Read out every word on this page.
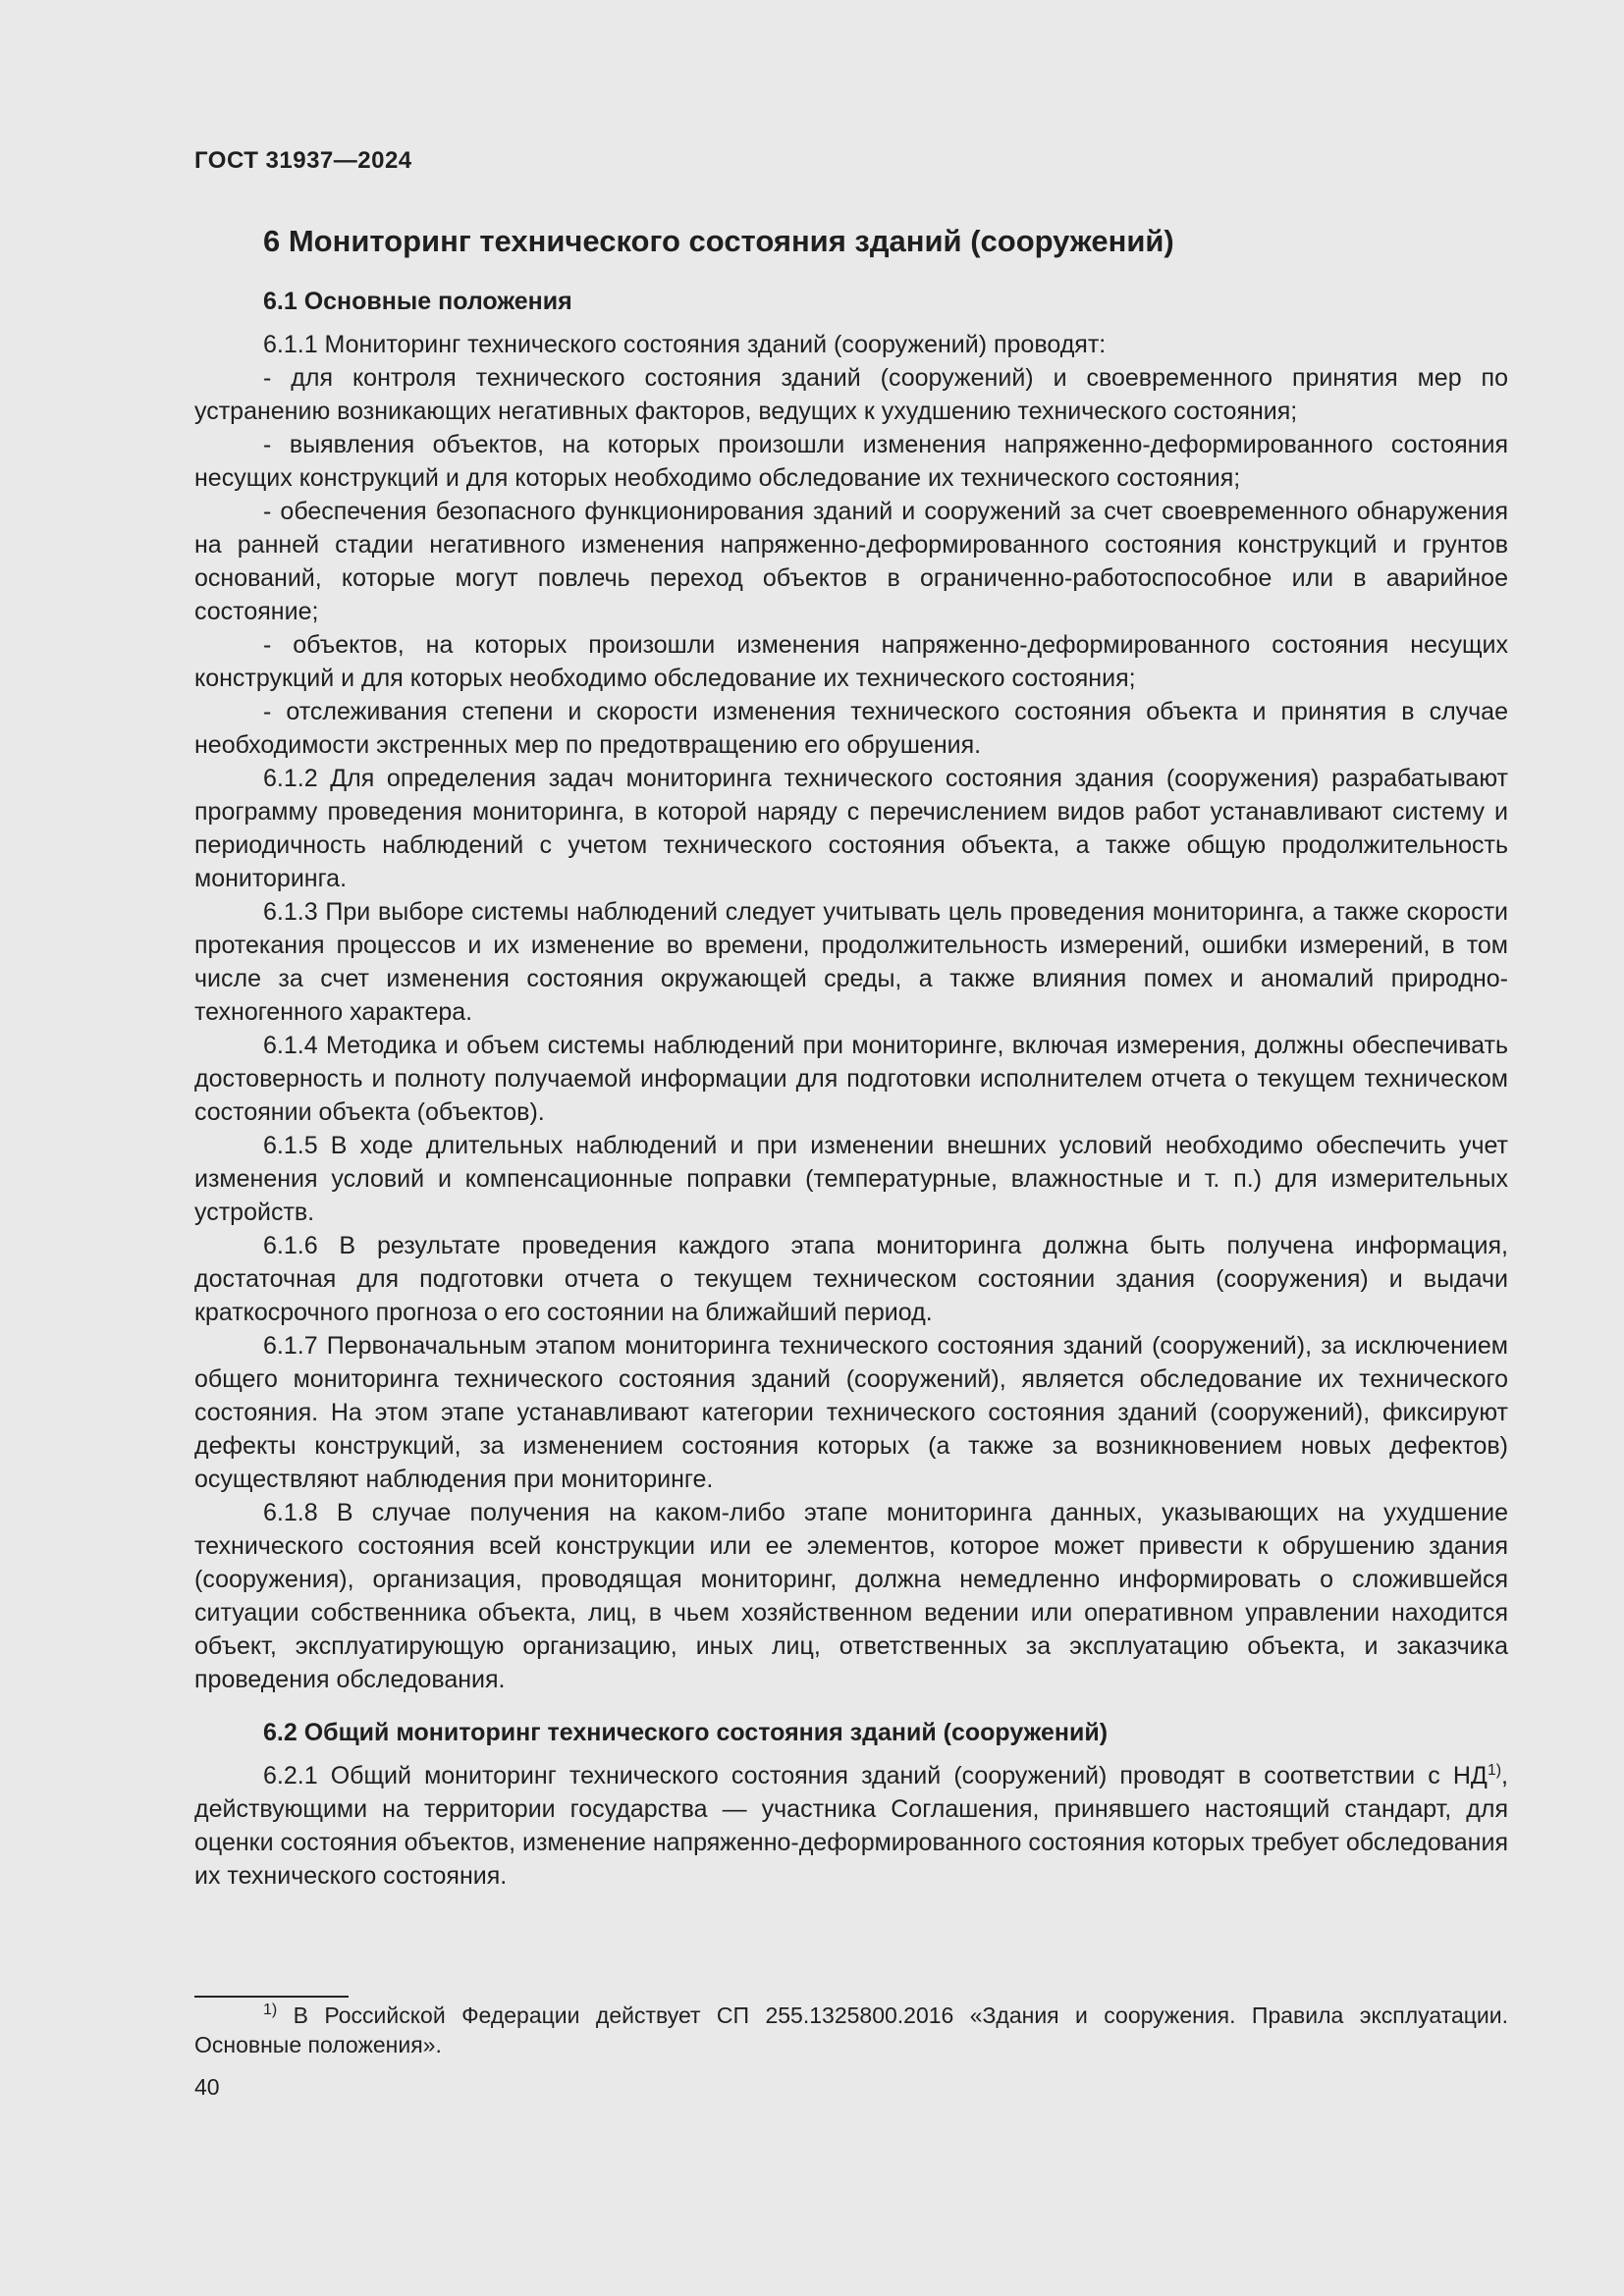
ГОСТ 31937—2024
6 Мониторинг технического состояния зданий (сооружений)
6.1 Основные положения

6.1.1 Мониторинг технического состояния зданий (сооружений) проводят:

- для контроля технического состояния зданий (сооружений) и своевременного принятия мер по устранению возникающих негативных факторов, ведущих к ухудшению технического состояния;

- выявления объектов, на которых произошли изменения напряженно-деформированного состояния несущих конструкций и для которых необходимо обследование их технического состояния;

- обеспечения безопасного функционирования зданий и сооружений за счет своевременного обнаружения на ранней стадии негативного изменения напряженно-деформированного состояния конструкций и грунтов оснований, которые могут повлечь переход объектов в ограниченно-работоспособное или в аварийное состояние;

- объектов, на которых произошли изменения напряженно-деформированного состояния несущих конструкций и для которых необходимо обследование их технического состояния;

- отслеживания степени и скорости изменения технического состояния объекта и принятия в случае необходимости экстренных мер по предотвращению его обрушения.

6.1.2 Для определения задач мониторинга технического состояния здания (сооружения) разрабатывают программу проведения мониторинга, в которой наряду с перечислением видов работ устанавливают систему и периодичность наблюдений с учетом технического состояния объекта, а также общую продолжительность мониторинга.

6.1.3 При выборе системы наблюдений следует учитывать цель проведения мониторинга, а также скорости протекания процессов и их изменение во времени, продолжительность измерений, ошибки измерений, в том числе за счет изменения состояния окружающей среды, а также влияния помех и аномалий природно-техногенного характера.

6.1.4 Методика и объем системы наблюдений при мониторинге, включая измерения, должны обеспечивать достоверность и полноту получаемой информации для подготовки исполнителем отчета о текущем техническом состоянии объекта (объектов).

6.1.5 В ходе длительных наблюдений и при изменении внешних условий необходимо обеспечить учет изменения условий и компенсационные поправки (температурные, влажностные и т. п.) для измерительных устройств.

6.1.6 В результате проведения каждого этапа мониторинга должна быть получена информация, достаточная для подготовки отчета о текущем техническом состоянии здания (сооружения) и выдачи краткосрочного прогноза о его состоянии на ближайший период.

6.1.7 Первоначальным этапом мониторинга технического состояния зданий (сооружений), за исключением общего мониторинга технического состояния зданий (сооружений), является обследование их технического состояния. На этом этапе устанавливают категории технического состояния зданий (сооружений), фиксируют дефекты конструкций, за изменением состояния которых (а также за возникновением новых дефектов) осуществляют наблюдения при мониторинге.

6.1.8 В случае получения на каком-либо этапе мониторинга данных, указывающих на ухудшение технического состояния всей конструкции или ее элементов, которое может привести к обрушению здания (сооружения), организация, проводящая мониторинг, должна немедленно информировать о сложившейся ситуации собственника объекта, лиц, в чьем хозяйственном ведении или оперативном управлении находится объект, эксплуатирующую организацию, иных лиц, ответственных за эксплуатацию объекта, и заказчика проведения обследования.

6.2 Общий мониторинг технического состояния зданий (сооружений)

6.2.1 Общий мониторинг технического состояния зданий (сооружений) проводят в соответствии с НД$^{1)}$, действующими на территории государства — участника Соглашения, принявшего настоящий стандарт, для оценки состояния объектов, изменение напряженно-деформированного состояния которых требует обследования их технического состояния.

$^{1)}$ В Российской Федерации действует СП 255.1325800.2016 «Здания и сооружения. Правила эксплуатации. Основные положения».
40
